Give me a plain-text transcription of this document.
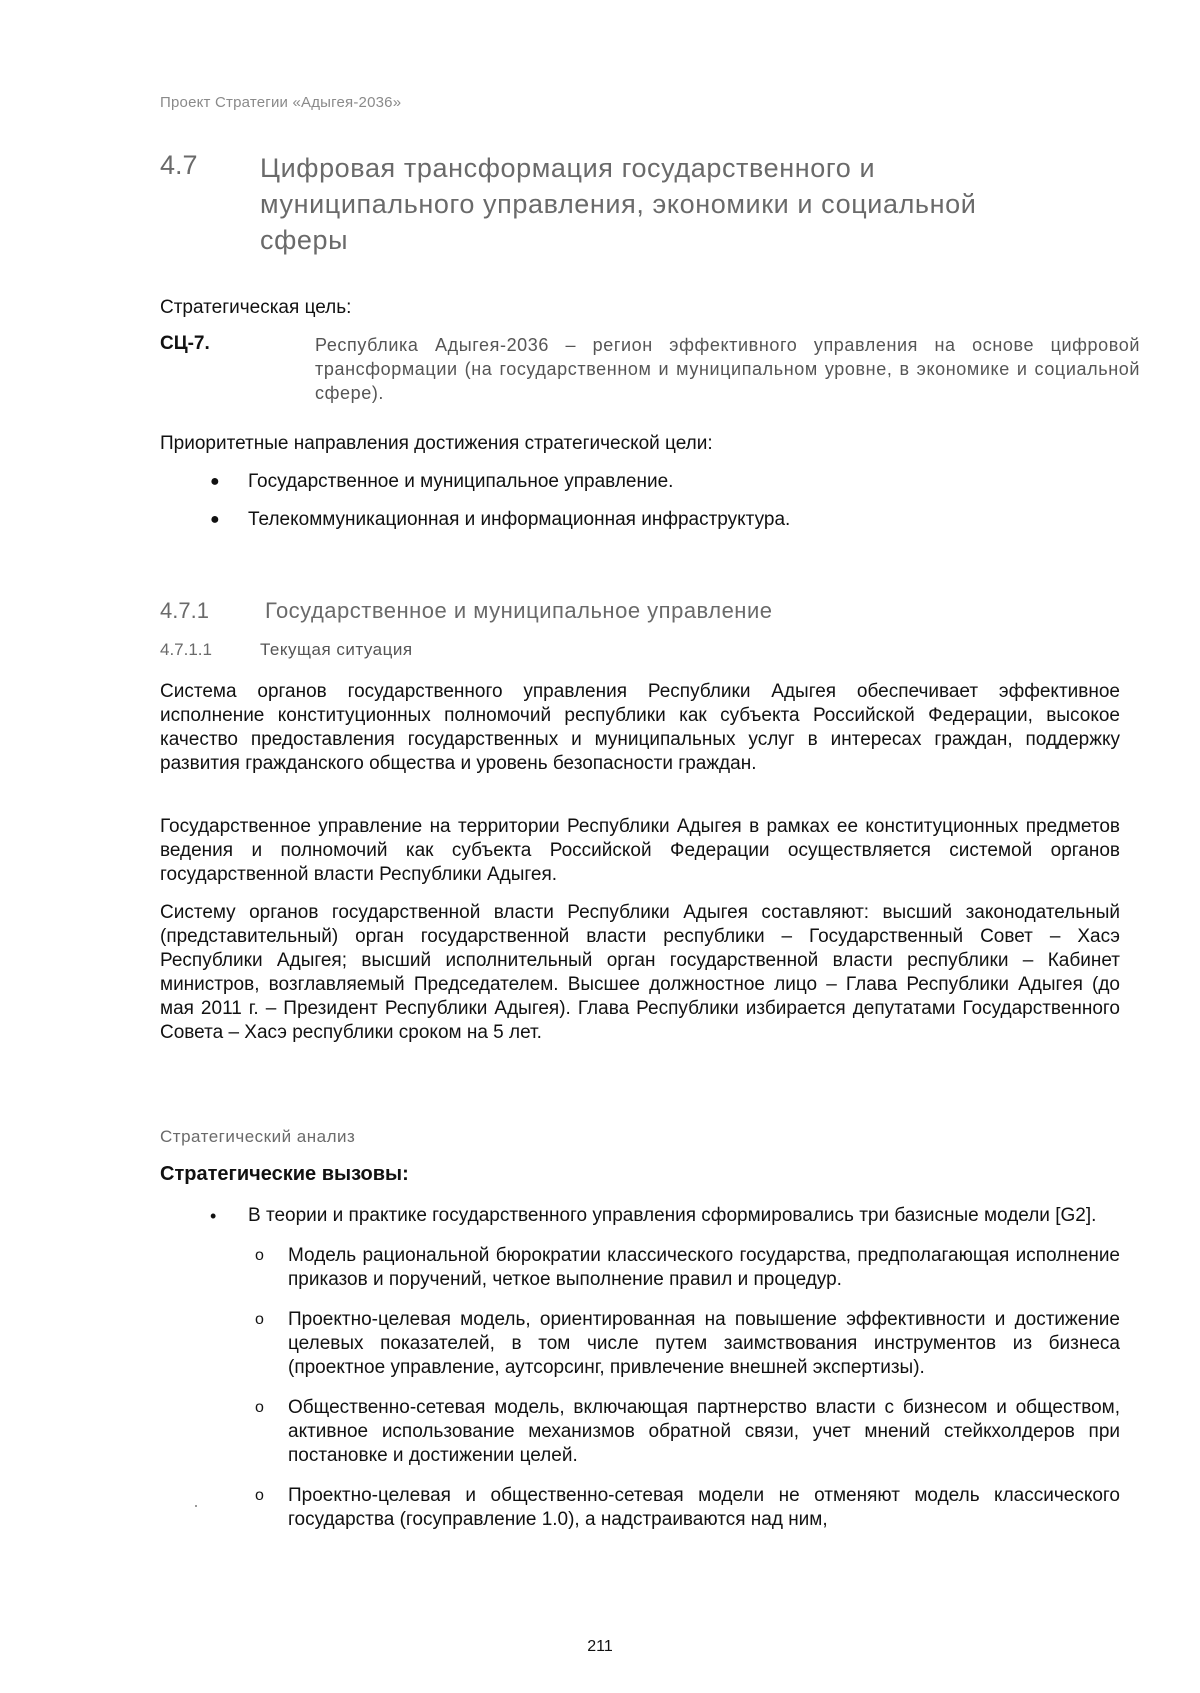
Проект Стратегии «Адыгея-2036»
4.7 Цифровая трансформация государственного и муниципального управления, экономики и социальной сферы
Стратегическая цель:
СЦ-7.	Республика Адыгея-2036 – регион эффективного управления на основе цифровой трансформации (на государственном и муниципальном уровне, в экономике и социальной сфере).
Приоритетные направления достижения стратегической цели:
● Государственное и муниципальное управление.
● Телекоммуникационная и информационная инфраструктура.
4.7.1	Государственное и муниципальное управление
4.7.1.1	Текущая ситуация
Система органов государственного управления Республики Адыгея обеспечивает эффективное исполнение конституционных полномочий республики как субъекта Российской Федерации, высокое качество предоставления государственных и муниципальных услуг в интересах граждан, поддержку развития гражданского общества и уровень безопасности граждан.
Государственное управление на территории Республики Адыгея в рамках ее конституционных предметов ведения и полномочий как субъекта Российской Федерации осуществляется системой органов государственной власти Республики Адыгея.
Систему органов государственной власти Республики Адыгея составляют: высший законодательный (представительный) орган государственной власти республики – Государственный Совет – Хасэ Республики Адыгея; высший исполнительный орган государственной власти республики – Кабинет министров, возглавляемый Председателем. Высшее должностное лицо – Глава Республики Адыгея (до мая 2011 г. – Президент Республики Адыгея). Глава Республики избирается депутатами Государственного Совета – Хасэ республики сроком на 5 лет.
Стратегический анализ
Стратегические вызовы:
• В теории и практике государственного управления сформировались три базисные модели [G2].
o Модель рациональной бюрократии классического государства, предполагающая исполнение приказов и поручений, четкое выполнение правил и процедур.
o Проектно-целевая модель, ориентированная на повышение эффективности и достижение целевых показателей, в том числе путем заимствования инструментов из бизнеса (проектное управление, аутсорсинг, привлечение внешней экспертизы).
o Общественно-сетевая модель, включающая партнерство власти с бизнесом и обществом, активное использование механизмов обратной связи, учет мнений стейкхолдеров при постановке и достижении целей.
o Проектно-целевая и общественно-сетевая модели не отменяют модель классического государства (госуправление 1.0), а надстраиваются над ним,
211
